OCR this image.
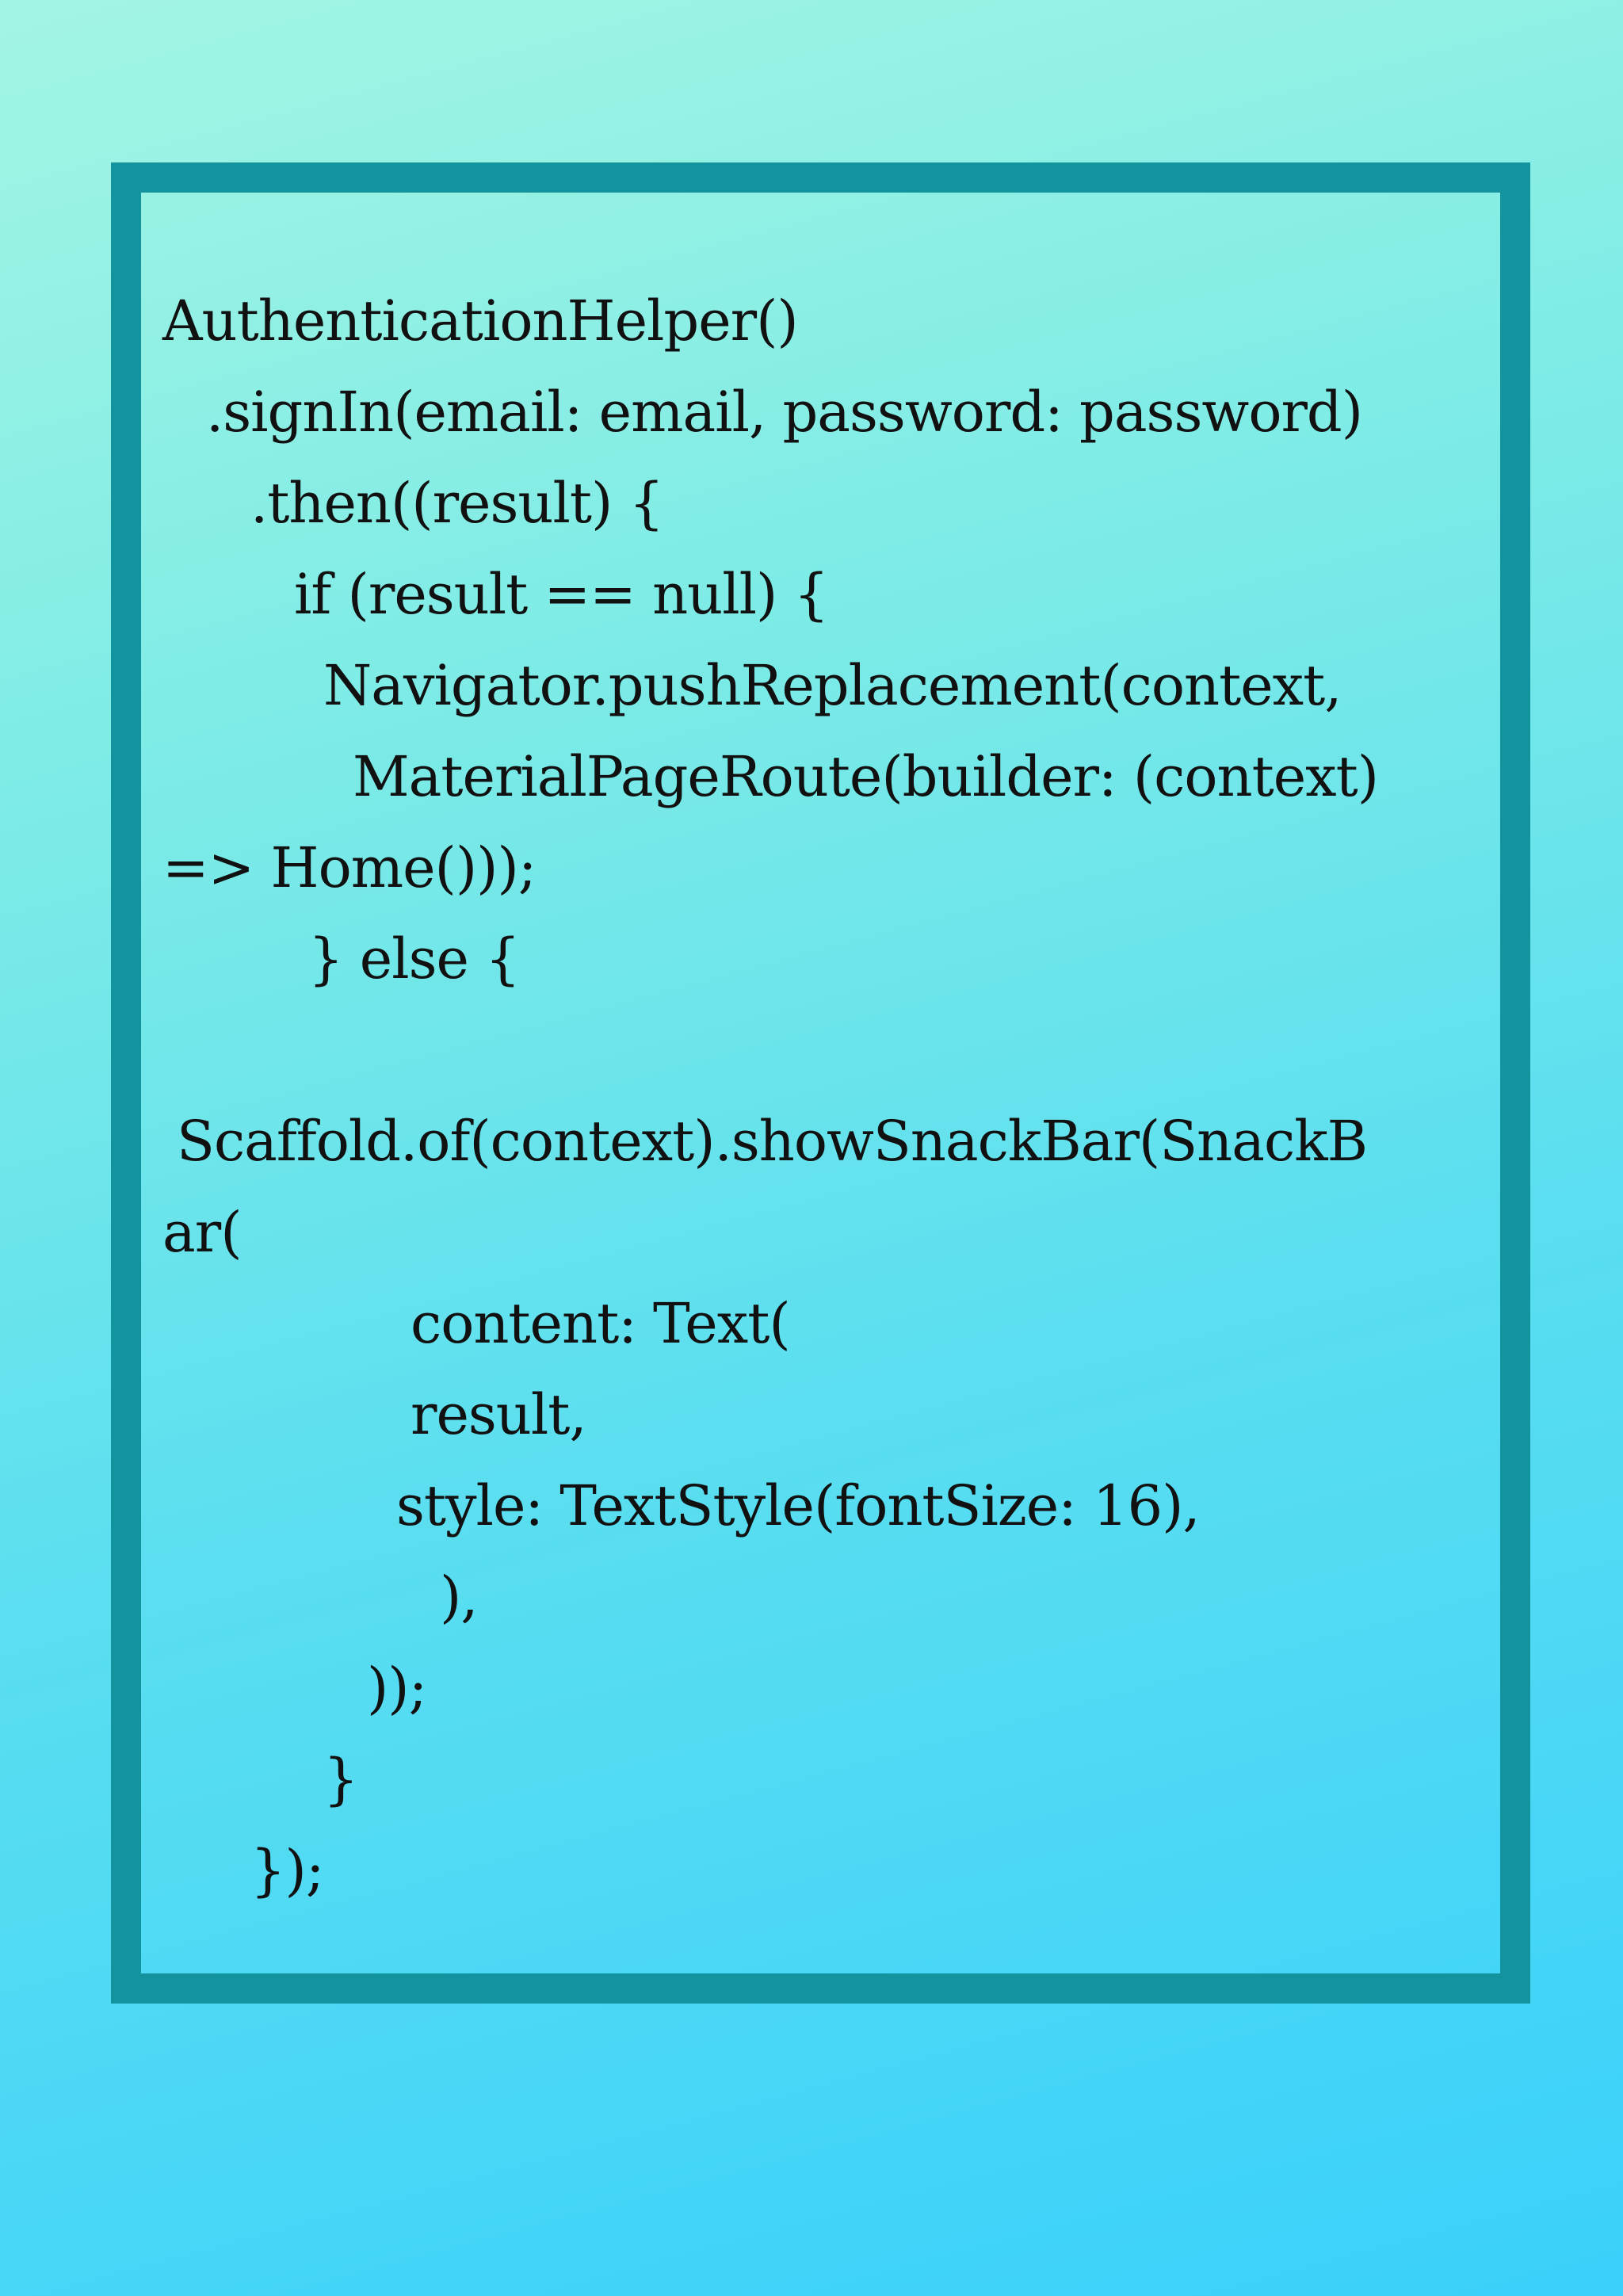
AuthenticationHelper()
.signIn(email: email, password: password)
.then((result) {
if (result == null) {
Navigator.pushReplacement(context,
MaterialPageRoute(builder: (context)
=> Home()));
} else {
Scaffold.of(context).showSnackBar(SnackB
ar(
content: Text(
result,
style: TextStyle(fontSize: 16),
),
));
}
});
